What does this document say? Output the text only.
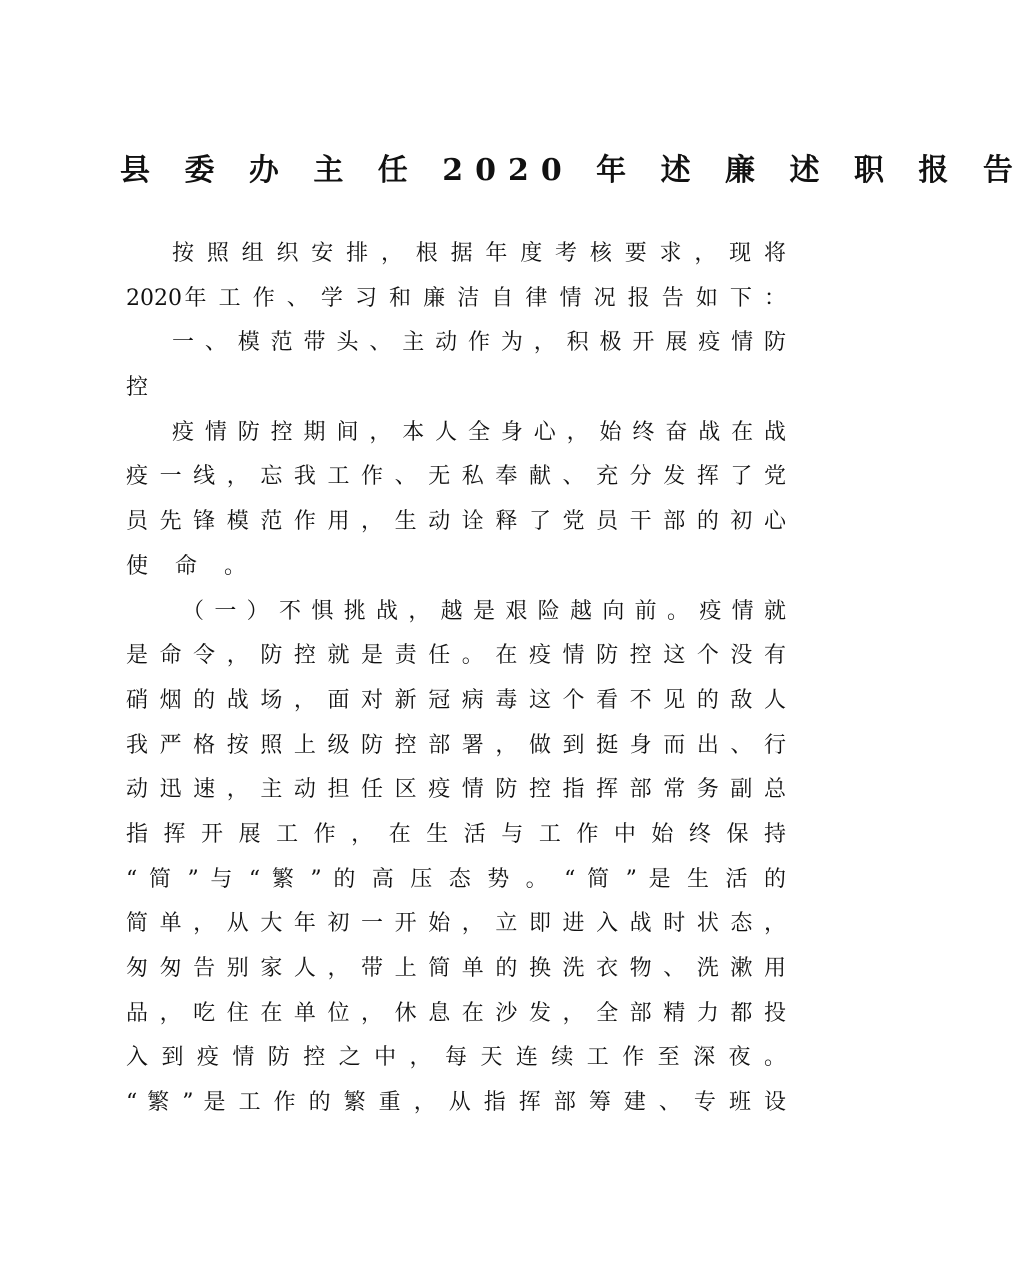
县 委 办 主 任 2020 年 述 廉 述 职 报 告
按 照 组 织 安 排 ， 根 据 年 度 考 核 要 求 ， 现 将
2020年 工 作 、 学 习 和 廉 洁 自 律 情 况 报 告 如 下 ：
一 、 模 范 带 头 、 主 动 作 为 ， 积 极 开 展 疫 情 防
控
疫 情 防 控 期 间 ， 本 人 全 身 心 ， 始 终 奋 战 在 战
疫 一 线 ， 忘 我 工 作 、 无 私 奉 献 、 充 分 发 挥 了 党
员 先 锋 模 范 作 用 ， 生 动 诠 释 了 党 员 干 部 的 初 心
使 命 。
（ 一 ） 不 惧 挑 战 ， 越 是 艰 险 越 向 前 。 疫 情 就
是 命 令 ， 防 控 就 是 责 任 。 在 疫 情 防 控 这 个 没 有
硝 烟 的 战 场 ， 面 对 新 冠 病 毒 这 个 看 不 见 的 敌 人
我 严 格 按 照 上 级 防 控 部 署 ， 做 到 挺 身 而 出 、 行
动 迅 速 ， 主 动 担 任 区 疫 情 防 控 指 挥 部 常 务 副 总
指 挥 开 展 工 作 ， 在 生 活 与 工 作 中 始 终 保 持
“ 简 ” 与 “ 繁 ” 的 高 压 态 势 。 “ 简 ” 是 生 活 的
简 单 ， 从 大 年 初 一 开 始 ， 立 即 进 入 战 时 状 态 ，
匆 匆 告 别 家 人 ， 带 上 简 单 的 换 洗 衣 物 、 洗 漱 用
品 ， 吃 住 在 单 位 ， 休 息 在 沙 发 ， 全 部 精 力 都 投
入 到 疫 情 防 控 之 中 ， 每 天 连 续 工 作 至 深 夜 。
“ 繁 ” 是 工 作 的 繁 重 ， 从 指 挥 部 筹 建 、 专 班 设
